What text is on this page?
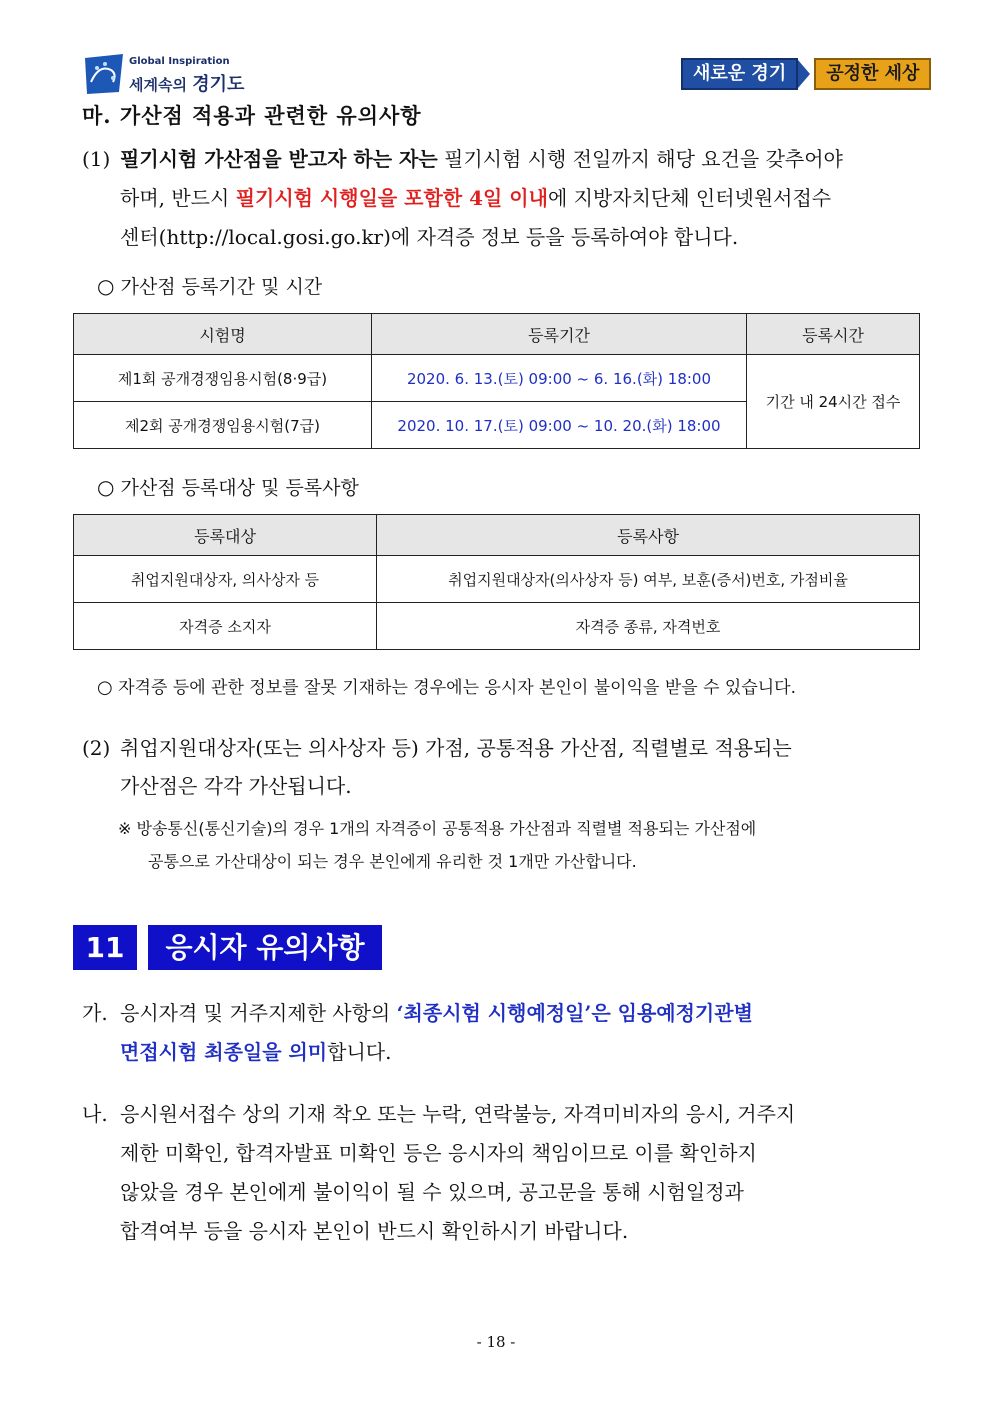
Global Inspiration
세계속의 경기도
새로운 경기	공정한 세상
마. 가산점 적용과 관련한 유의사항
(1) 필기시험 가산점을 받고자 하는 자는 필기시험 시행 전일까지 해당 요건을 갖추어야
하며, 반드시 필기시험 시행일을 포함한 4일 이내에 지방자치단체 인터넷원서접수
센터(http://local.gosi.go.kr)에 자격증 정보 등을 등록하여야 합니다.
○ 가산점 등록기간 및 시간
시험명	등록기간	등록시간
제1회 공개경쟁임용시험(8·9급)	2020. 6. 13.(토) 09:00 ~ 6. 16.(화) 18:00	기간 내 24시간 접수
제2회 공개경쟁임용시험(7급)	2020. 10. 17.(토) 09:00 ~ 10. 20.(화) 18:00	
○ 가산점 등록대상 및 등록사항
등록대상	등록사항
취업지원대상자, 의사상자 등	취업지원대상자(의사상자 등) 여부, 보훈(증서)번호, 가점비율
자격증 소지자	자격증 종류, 자격번호
○ 자격증 등에 관한 정보를 잘못 기재하는 경우에는 응시자 본인이 불이익을 받을 수 있습니다.
(2) 취업지원대상자(또는 의사상자 등) 가점, 공통적용 가산점, 직렬별로 적용되는
가산점은 각각 가산됩니다.
※ 방송통신(통신기술)의 경우 1개의 자격증이 공통적용 가산점과 직렬별 적용되는 가산점에
공통으로 가산대상이 되는 경우 본인에게 유리한 것 1개만 가산합니다.
11	응시자 유의사항
가. 응시자격 및 거주지제한 사항의 ‘최종시험 시행예정일’은 임용예정기관별
면접시험 최종일을 의미합니다.
나. 응시원서접수 상의 기재 착오 또는 누락, 연락불능, 자격미비자의 응시, 거주지
제한 미확인, 합격자발표 미확인 등은 응시자의 책임이므로 이를 확인하지
않았을 경우 본인에게 불이익이 될 수 있으며, 공고문을 통해 시험일정과
합격여부 등을 응시자 본인이 반드시 확인하시기 바랍니다.
- 18 -
